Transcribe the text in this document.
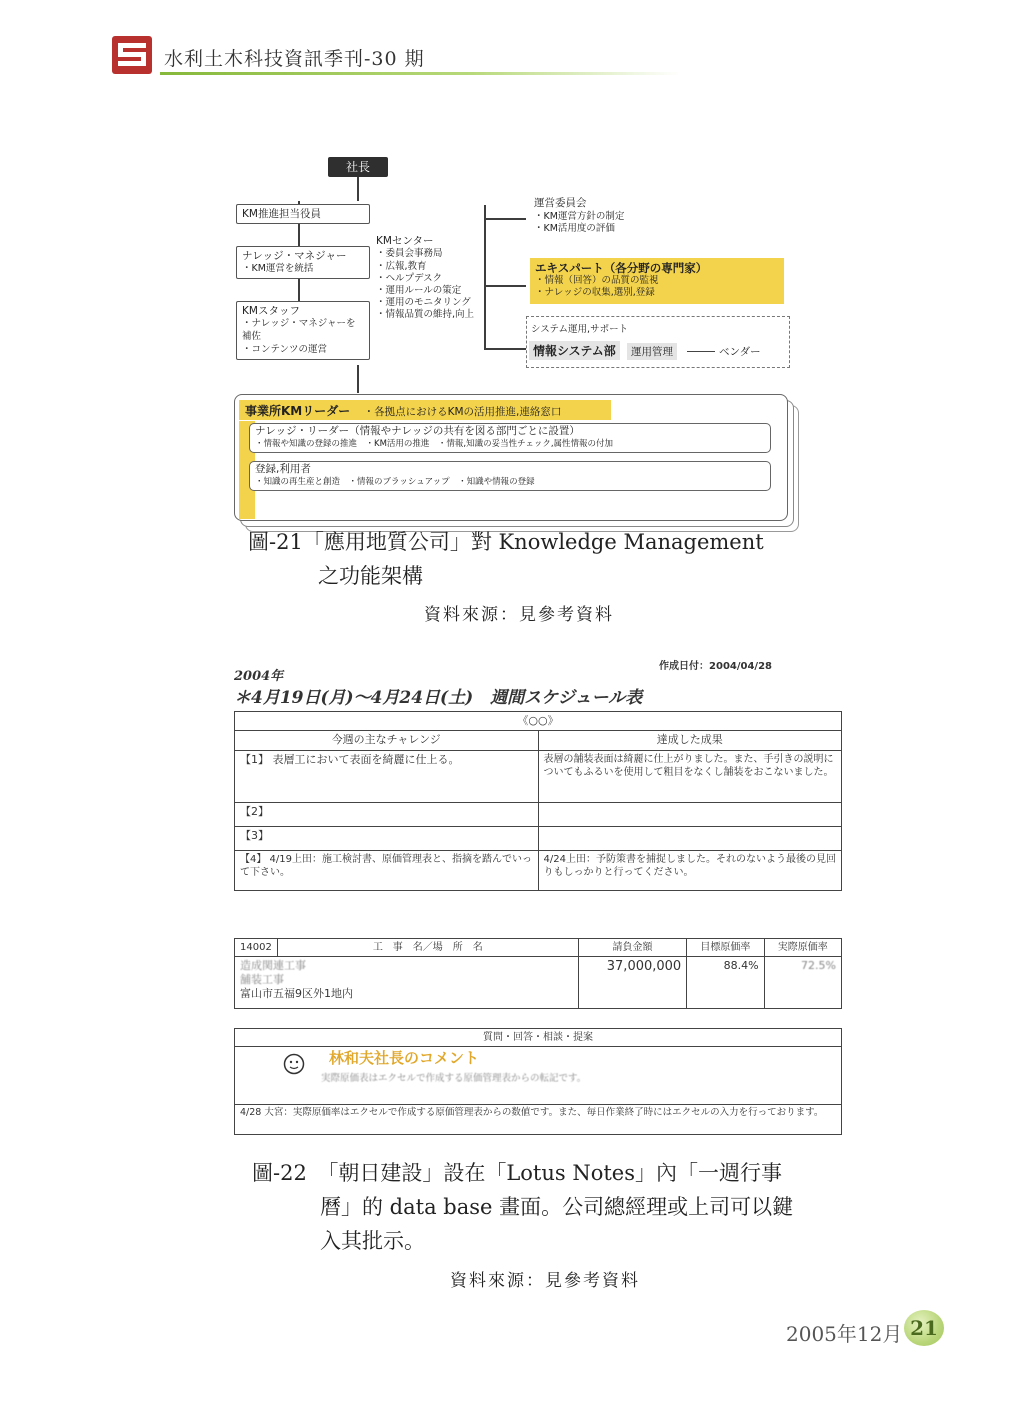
水利土木科技資訊季刊-30 期
社長
KM推進担当役員
ナレッジ・マネジャー
・KM運営を統括
KMスタッフ
・ナレッジ・マネジャーを補佐
・コンテンツの運営
KMセンター
・委員会事務局
・広報,教育
・ヘルプデスク
・運用ルールの策定
・運用のモニタリング
・情報品質の維持,向上
運営委員会
・KM運営方針の制定
・KM活用度の評価
エキスパート（各分野の専門家）
・情報（回答）の品質の監視
・ナレッジの収集,選別,登録
システム運用,サポート
情報システム部	運用管理	ベンダー
事業所KMリーダー ・各拠点におけるKMの活用推進,連絡窓口
ナレッジ・リーダー（情報やナレッジの共有を図る部門ごとに設置）
・情報や知識の登録の推進　・KM活用の推進　・情報,知識の妥当性チェック,属性情報の付加
登録,利用者
・知識の再生産と創造　・情報のブラッシュアップ　・知識や情報の登録
圖-21「應用地質公司」對 Knowledge Management
之功能架構
資料來源：見參考資料
作成日付：2004/04/28
2004年
＊4月19日(月)～4月24日(土)　週間スケジュール表
《○○》	
今週の主なチャレンジ	達成した成果
【1】 表層工において表面を綺麗に仕上る。	表層の舗装表面は綺麗に仕上がりました。また、手引きの説明についてもふるいを使用して粗目をなくし舗装をおこないました。
【2】	
【3】	
【4】 4/19上田：施工検討書、原価管理表と、指摘を踏んでいって下さい。	4/24上田：予防策書を捕捉しました。それのないよう最後の見回りもしっかりと行ってください。
14002	工　事　名／場　所　名	請負金額	目標原価率	実際原価率

造成関連工事
舗装工事
富山市五福9区外1地内		37,000,000	88.4%	72.5%
質問・回答・相談・提案

林和夫社長のコメント
実際原価表はエクセルで作成する原価管理表からの転記です。

4/28 大宮：実際原価率はエクセルで作成する原価管理表からの数値です。また、毎日作業終了時にはエクセルの入力を行っております。
圖-22　「朝日建設」設在「Lotus Notes」內「一週行事
曆」的 data base 畫面。公司總經理或上司可以鍵
入其批示。
資料來源：見參考資料
2005年12月 21
